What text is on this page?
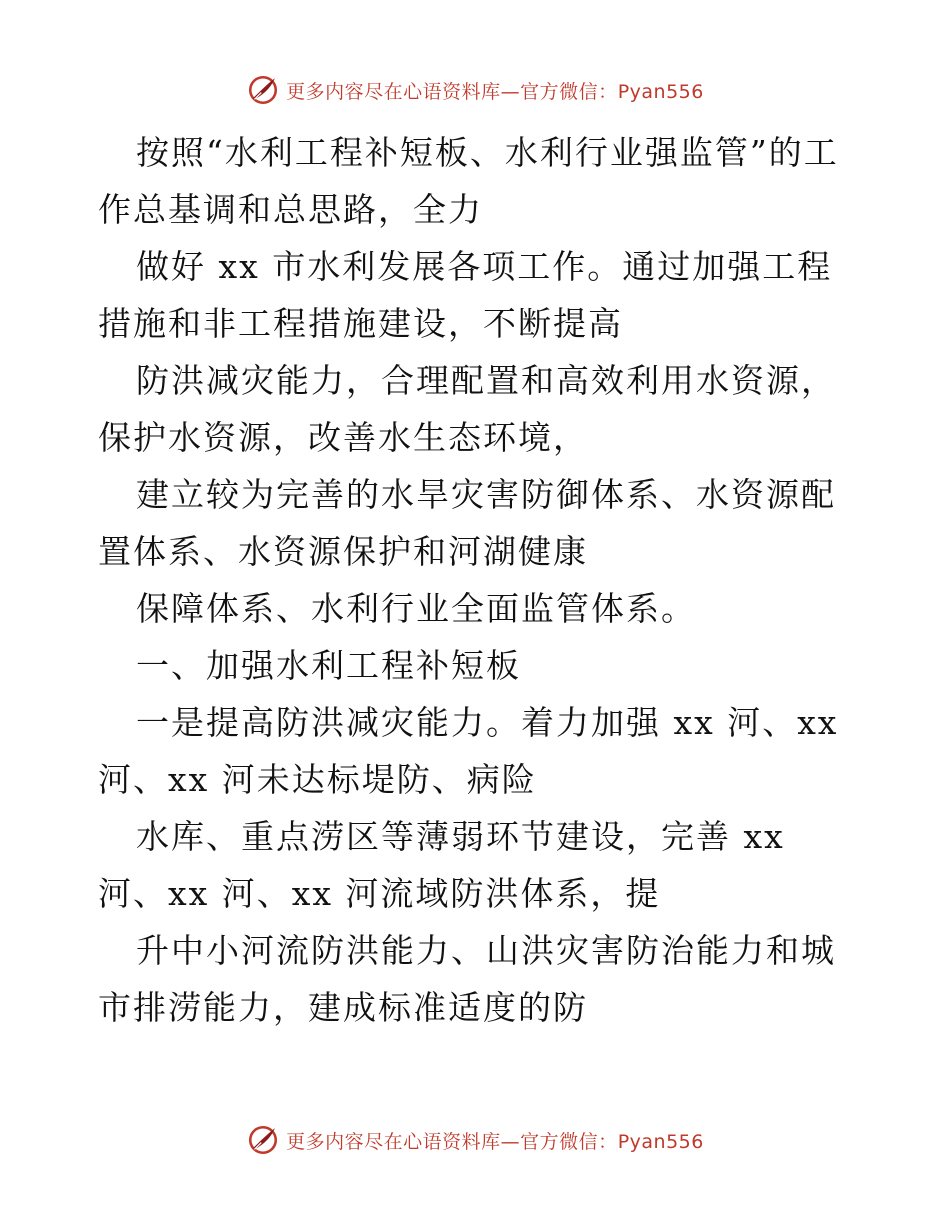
更多内容尽在心语资料库—官方微信：Pyan556

按照“水利工程补短板、水利行业强监管”的工作总基调和总思路，全力

做好 xx 市水利发展各项工作。通过加强工程措施和非工程措施建设，不断提高

防洪减灾能力，合理配置和高效利用水资源，保护水资源，改善水生态环境，

建立较为完善的水旱灾害防御体系、水资源配置体系、水资源保护和河湖健康

保障体系、水利行业全面监管体系。

一、加强水利工程补短板

一是提高防洪减灾能力。着力加强 xx 河、xx 河、xx 河未达标堤防、病险

水库、重点涝区等薄弱环节建设，完善 xx 河、xx 河、xx 河流域防洪体系，提

升中小河流防洪能力、山洪灾害防治能力和城市排涝能力，建成标准适度的防

更多内容尽在心语资料库—官方微信：Pyan556
